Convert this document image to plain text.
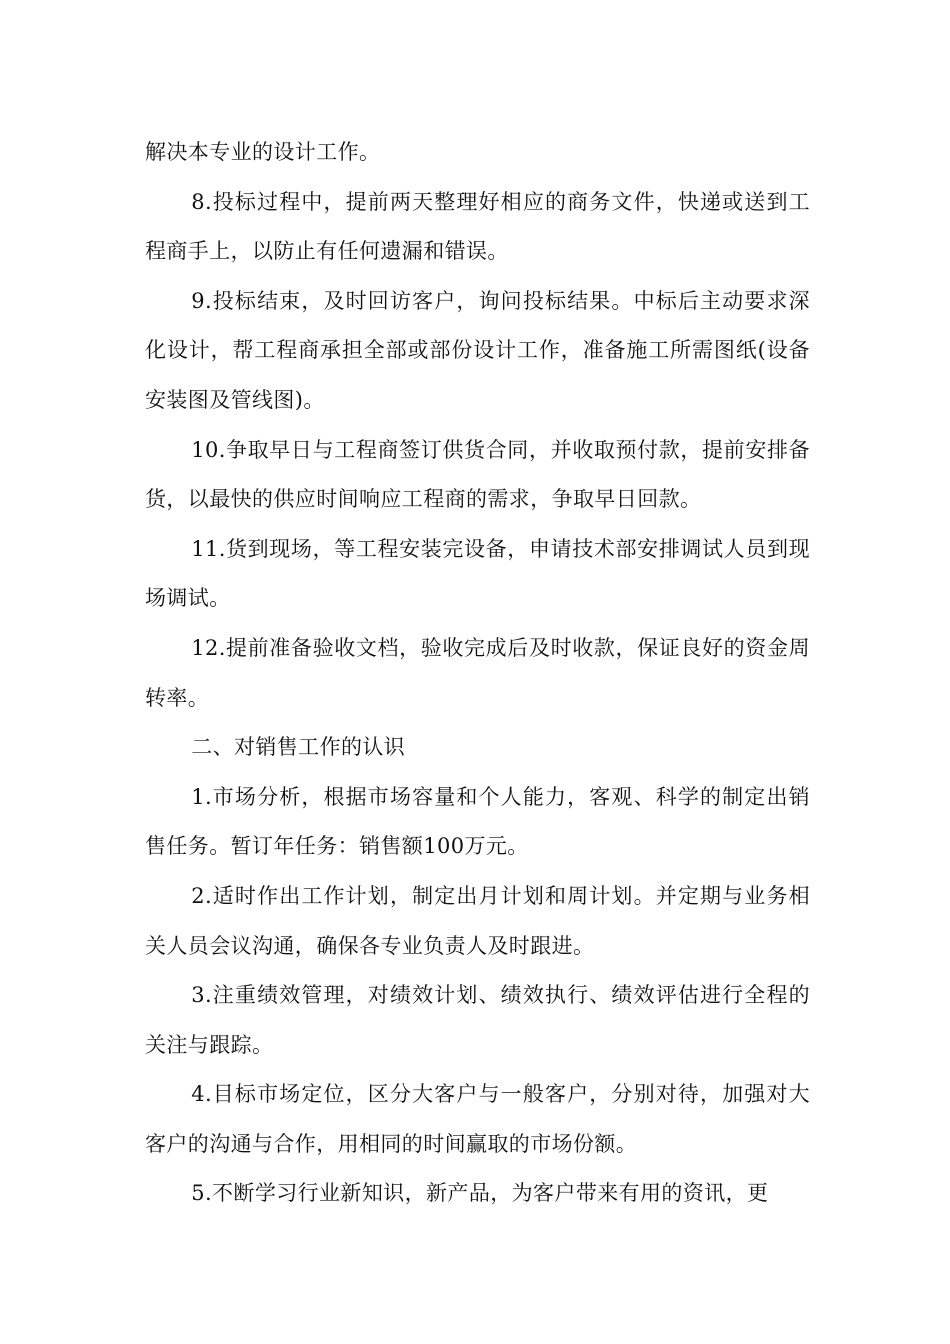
解决本专业的设计工作。

8.投标过程中，提前两天整理好相应的商务文件，快递或送到工程商手上，以防止有任何遗漏和错误。

9.投标结束，及时回访客户，询问投标结果。中标后主动要求深化设计，帮工程商承担全部或部份设计工作，准备施工所需图纸(设备安装图及管线图)。

10.争取早日与工程商签订供货合同，并收取预付款，提前安排备货，以最快的供应时间响应工程商的需求，争取早日回款。

11.货到现场，等工程安装完设备，申请技术部安排调试人员到现场调试。

12.提前准备验收文档，验收完成后及时收款，保证良好的资金周转率。

二、对销售工作的认识

1.市场分析，根据市场容量和个人能力，客观、科学的制定出销售任务。暂订年任务：销售额100万元。

2.适时作出工作计划，制定出月计划和周计划。并定期与业务相关人员会议沟通，确保各专业负责人及时跟进。

3.注重绩效管理，对绩效计划、绩效执行、绩效评估进行全程的关注与跟踪。

4.目标市场定位，区分大客户与一般客户，分别对待，加强对大客户的沟通与合作，用相同的时间赢取的市场份额。

5.不断学习行业新知识，新产品，为客户带来有用的资讯，更
